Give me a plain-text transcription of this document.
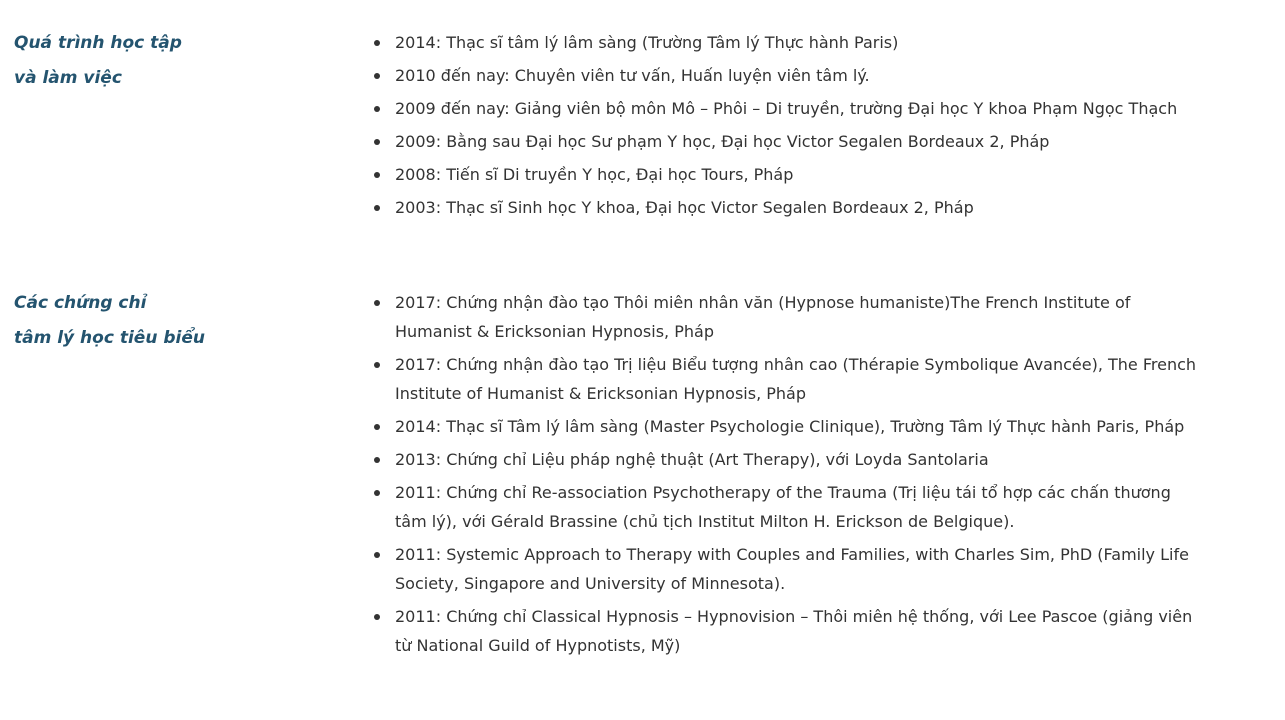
Quá trình học tập
và làm việc
2014: Thạc sĩ tâm lý lâm sàng (Trường Tâm lý Thực hành Paris)
2010 đến nay: Chuyên viên tư vấn, Huấn luyện viên tâm lý.
2009 đến nay: Giảng viên bộ môn Mô – Phôi – Di truyền, trường Đại học Y khoa Phạm Ngọc Thạch
2009: Bằng sau Đại học Sư phạm Y học, Đại học Victor Segalen Bordeaux 2, Pháp
2008: Tiến sĩ Di truyền Y học, Đại học Tours, Pháp
2003: Thạc sĩ Sinh học Y khoa, Đại học Victor Segalen Bordeaux 2, Pháp
Các chứng chỉ
tâm lý học tiêu biểu
2017: Chứng nhận đào tạo Thôi miên nhân văn (Hypnose humaniste)The French Institute of Humanist & Ericksonian Hypnosis, Pháp
2017: Chứng nhận đào tạo Trị liệu Biểu tượng nhân cao (Thérapie Symbolique Avancée), The French Institute of Humanist & Ericksonian Hypnosis, Pháp
2014: Thạc sĩ Tâm lý lâm sàng (Master Psychologie Clinique), Trường Tâm lý Thực hành Paris, Pháp
2013: Chứng chỉ Liệu pháp nghệ thuật (Art Therapy), với Loyda Santolaria
2011: Chứng chỉ Re-association Psychotherapy of the Trauma (Trị liệu tái tổ hợp các chấn thương tâm lý), với Gérald Brassine (chủ tịch Institut Milton H. Erickson de Belgique).
2011: Systemic Approach to Therapy with Couples and Families, with Charles Sim, PhD (Family Life Society, Singapore and University of Minnesota).
2011: Chứng chỉ Classical Hypnosis – Hypnovision – Thôi miên hệ thống, với Lee Pascoe (giảng viên từ National Guild of Hypnotists, Mỹ)
